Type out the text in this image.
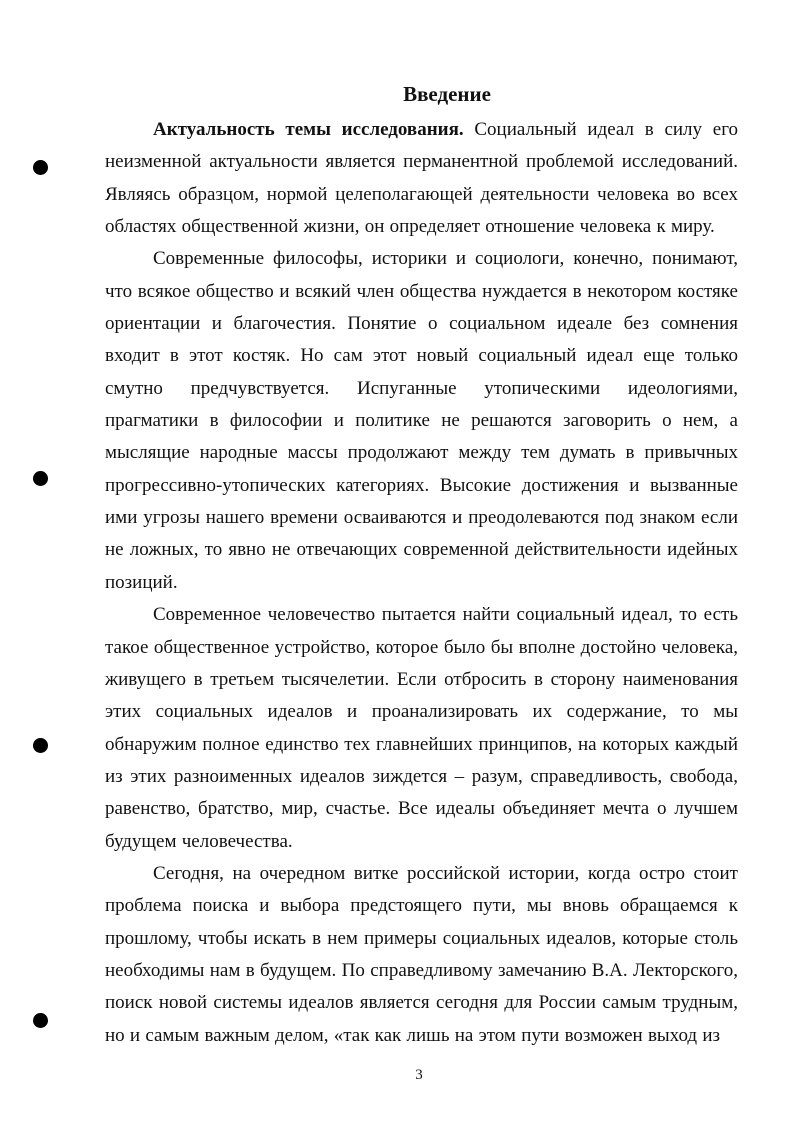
Введение

Актуальность темы исследования. Социальный идеал в силу его неизменной актуальности является перманентной проблемой исследований. Являясь образцом, нормой целеполагающей деятельности человека во всех областях общественной жизни, он определяет отношение человека к миру.

Современные философы, историки и социологи, конечно, понимают, что всякое общество и всякий член общества нуждается в некотором костяке ориентации и благочестия. Понятие о социальном идеале без сомнения входит в этот костяк. Но сам этот новый социальный идеал еще только смутно предчувствуется. Испуганные утопическими идеологиями, прагматики в философии и политике не решаются заговорить о нем, а мыслящие народные массы продолжают между тем думать в привычных прогрессивно-утопических категориях. Высокие достижения и вызванные ими угрозы нашего времени осваиваются и преодолеваются под знаком если не ложных, то явно не отвечающих современной действительности идейных позиций.

Современное человечество пытается найти социальный идеал, то есть такое общественное устройство, которое было бы вполне достойно человека, живущего в третьем тысячелетии. Если отбросить в сторону наименования этих социальных идеалов и проанализировать их содержание, то мы обнаружим полное единство тех главнейших принципов, на которых каждый из этих разноименных идеалов зиждется – разум, справедливость, свобода, равенство, братство, мир, счастье. Все идеалы объединяет мечта о лучшем будущем человечества.

Сегодня, на очередном витке российской истории, когда остро стоит проблема поиска и выбора предстоящего пути, мы вновь обращаемся к прошлому, чтобы искать в нем примеры социальных идеалов, которые столь необходимы нам в будущем. По справедливому замечанию В.А. Лекторского, поиск новой системы идеалов является сегодня для России самым трудным, но и самым важным делом, «так как лишь на этом пути возможен выход из

3
